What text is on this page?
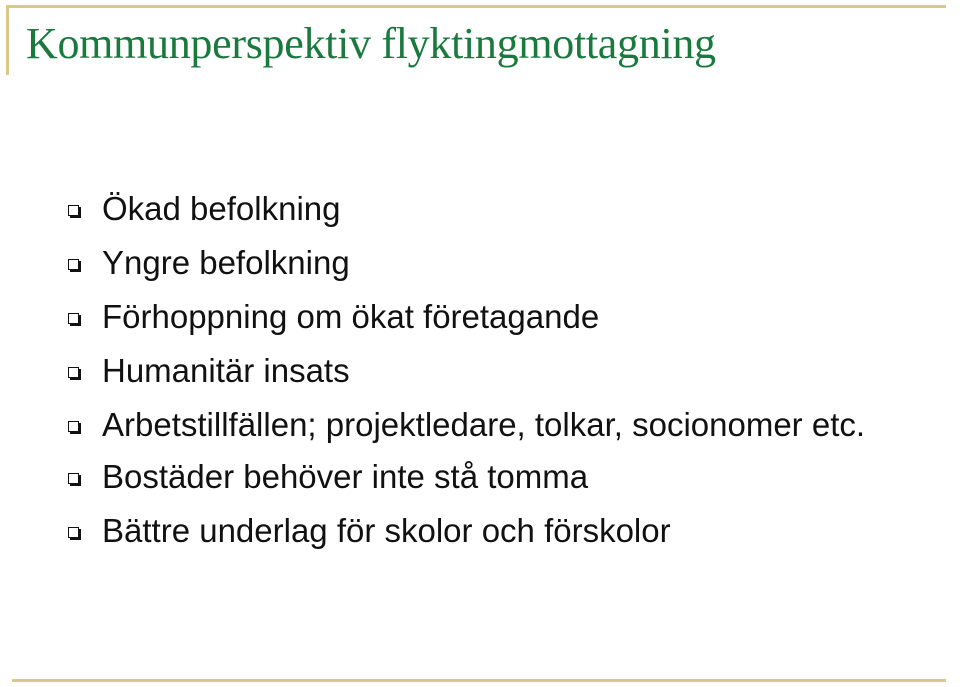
Kommunperspektiv flyktingmottagning
Ökad befolkning
Yngre befolkning
Förhoppning om ökat företagande
Humanitär insats
Arbetstillfällen; projektledare, tolkar, socionomer etc.
Bostäder behöver inte stå tomma
Bättre underlag för skolor och förskolor
